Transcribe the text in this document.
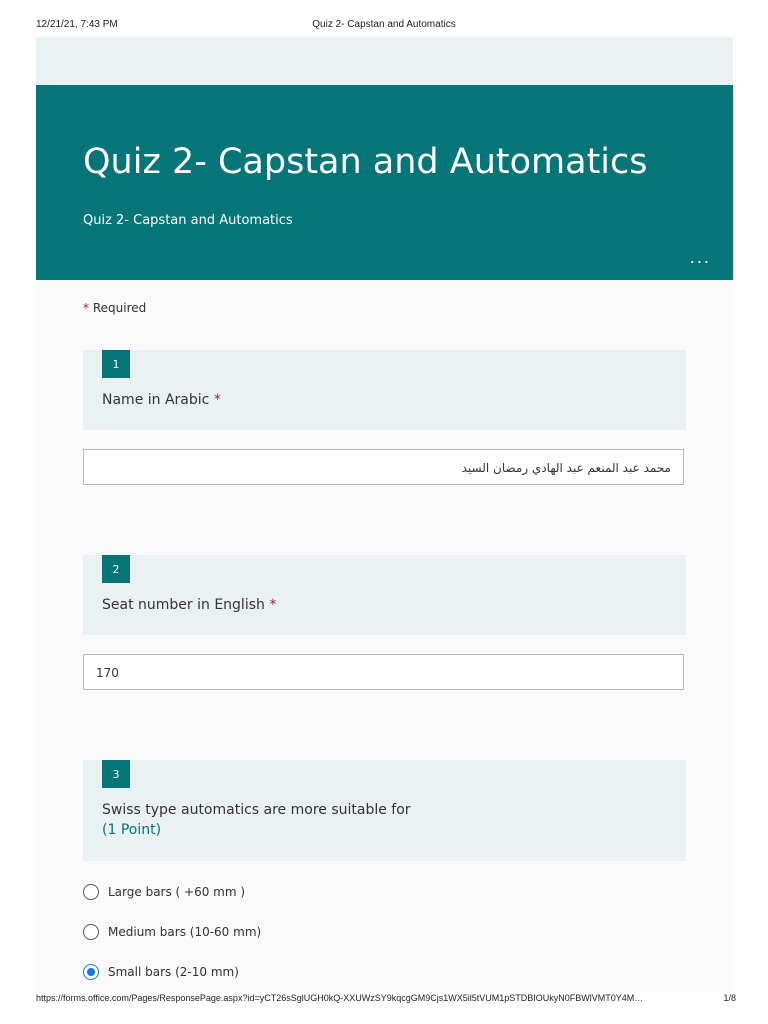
12/21/21, 7:43 PM	Quiz 2- Capstan and Automatics
Quiz 2- Capstan and Automatics
Quiz 2- Capstan and Automatics
...
* Required
1
Name in Arabic *
محمد عبد المنعم عبد الهادي رمضان السيد
2
Seat number in English *
170
3
Swiss type automatics are more suitable for
(1 Point)
Large bars ( +60 mm )
Medium bars (10-60 mm)
Small bars (2-10 mm)
https://forms.office.com/Pages/ResponsePage.aspx?id=yCT26sSglUGH0kQ-XXUWzSY9kqcgGM9Cjs1WX5il5tVUM1pSTDBIOUkyN0FBWlVMT0Y4M…	1/8
